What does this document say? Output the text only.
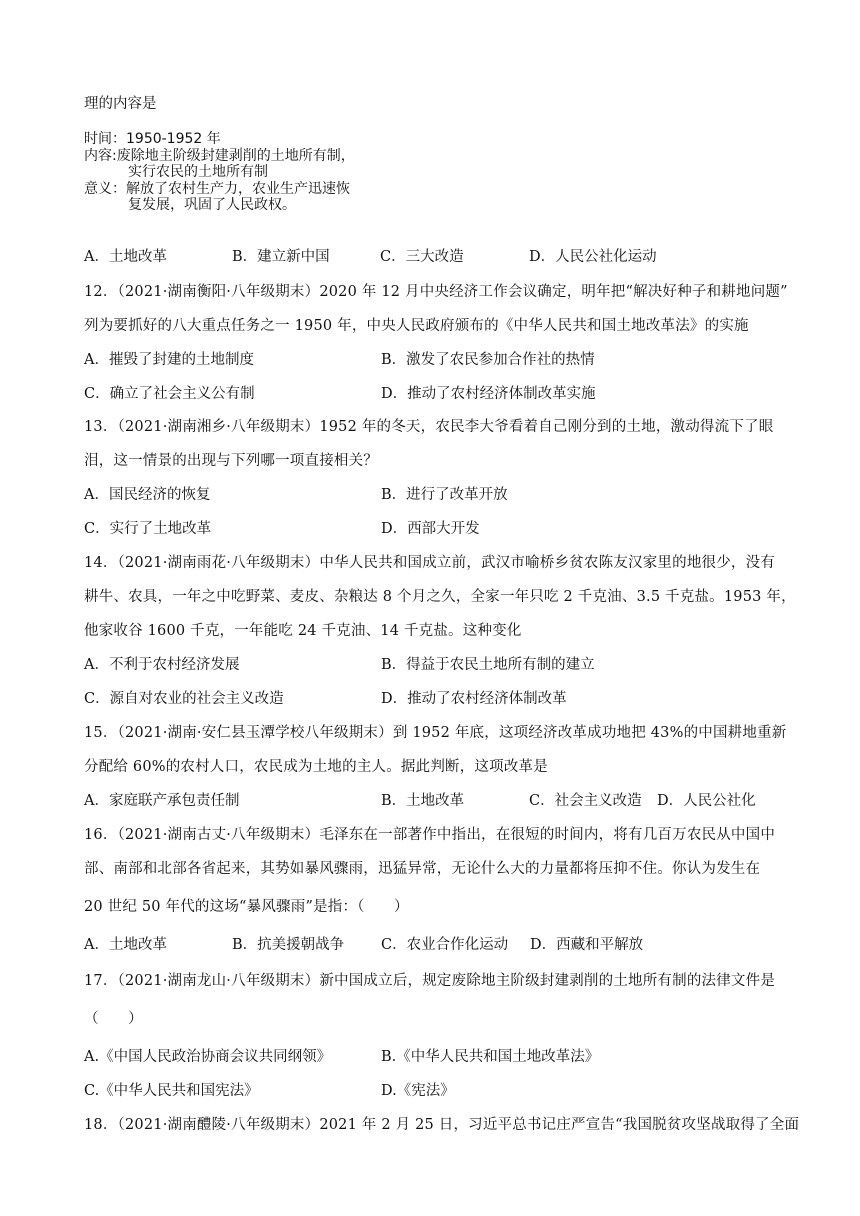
理的内容是
时间：1950-1952 年
内容:废除地主阶级封建剥削的土地所有制，
实行农民的土地所有制
意义：解放了农村生产力，农业生产迅速恢
复发展，巩固了人民政权。
A．土地改革	B．建立新中国	C．三大改造	D．人民公社化运动
12．（2021·湖南衡阳·八年级期末）2020 年 12 月中央经济工作会议确定，明年把“解决好种子和耕地问题”
列为要抓好的八大重点任务之一 1950 年，中央人民政府颁布的《中华人民共和国土地改革法》的实施
A．摧毁了封建的土地制度	B．激发了农民参加合作社的热情
C．确立了社会主义公有制	D．推动了农村经济体制改革实施
13．（2021·湖南湘乡·八年级期末）1952 年的冬天，农民李大爷看着自己刚分到的土地，激动得流下了眼
泪，这一情景的出现与下列哪一项直接相关？
A．国民经济的恢复	B．进行了改革开放
C．实行了土地改革	D．西部大开发
14．（2021·湖南雨花·八年级期末）中华人民共和国成立前，武汉市喻桥乡贫农陈友汉家里的地很少，没有
耕牛、农具，一年之中吃野菜、麦皮、杂粮达 8 个月之久，全家一年只吃 2 千克油、3.5 千克盐。1953 年，
他家收谷 1600 千克，一年能吃 24 千克油、14 千克盐。这种变化
A．不利于农村经济发展	B．得益于农民土地所有制的建立
C．源自对农业的社会主义改造	D．推动了农村经济体制改革
15．（2021·湖南·安仁县玉潭学校八年级期末）到 1952 年底，这项经济改革成功地把 43%的中国耕地重新
分配给 60%的农村人口，农民成为土地的主人。据此判断，这项改革是
A．家庭联产承包责任制	B．土地改革	C．社会主义改造 D．人民公社化
16．（2021·湖南古丈·八年级期末）毛泽东在一部著作中指出，在很短的时间内，将有几百万农民从中国中
部、南部和北部各省起来，其势如暴风骤雨，迅猛异常，无论什么大的力量都将压抑不住。你认为发生在
20 世纪 50 年代的这场“暴风骤雨”是指：（　　）
A．土地改革	B．抗美援朝战争	C．农业合作化运动 D．西藏和平解放
17．（2021·湖南龙山·八年级期末）新中国成立后，规定废除地主阶级封建剥削的土地所有制的法律文件是
（　　）
A.《中国人民政治协商会议共同纲领》	B.《中华人民共和国土地改革法》
C.《中华人民共和国宪法》	D.《宪法》
18．（2021·湖南醴陵·八年级期末）2021 年 2 月 25 日，习近平总书记庄严宣告“我国脱贫攻坚战取得了全面
